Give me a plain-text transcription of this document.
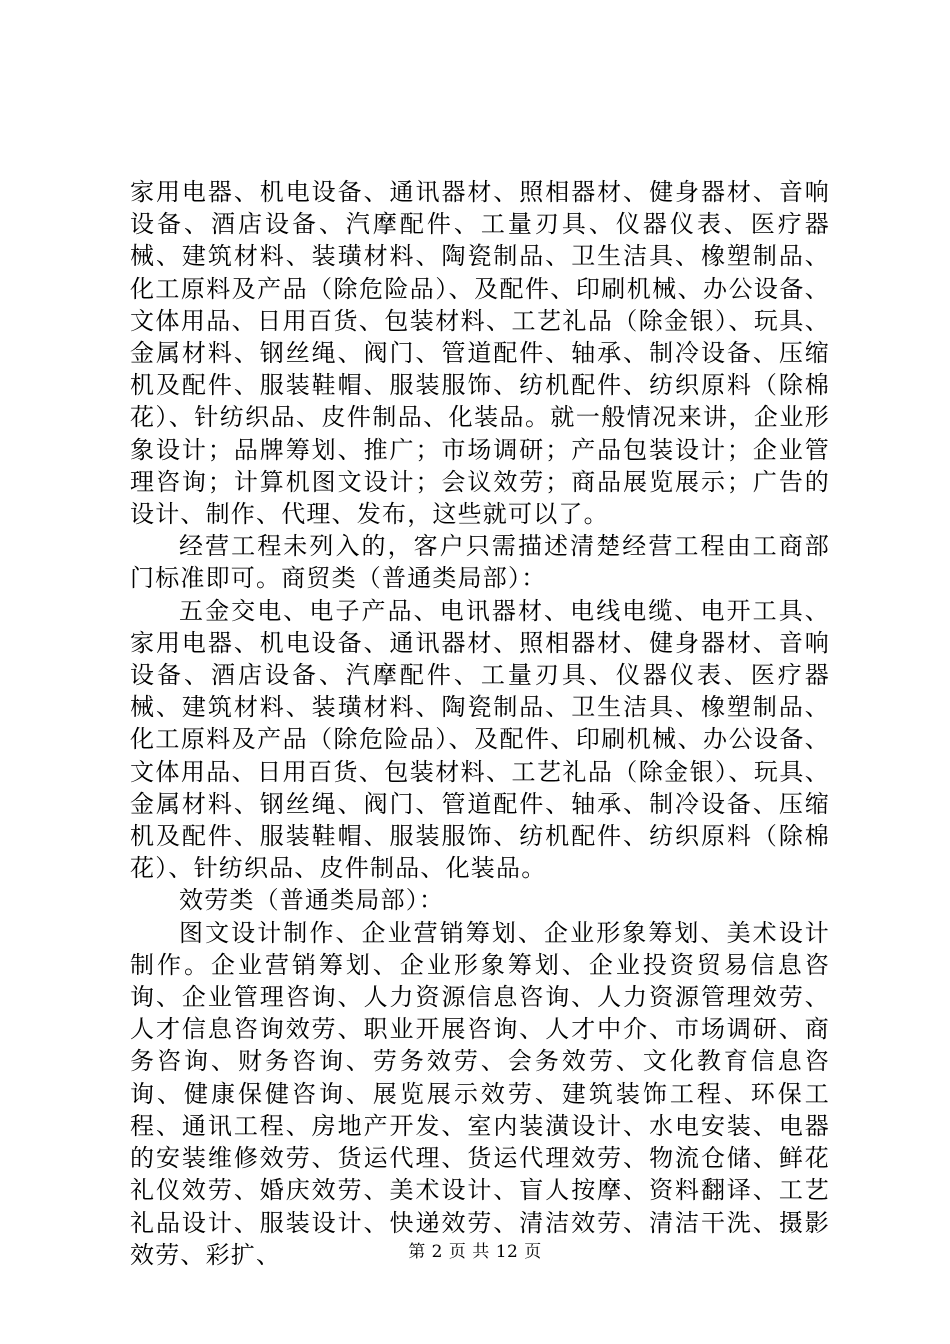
家用电器、机电设备、通讯器材、照相器材、健身器材、音响设备、酒店设备、汽摩配件、工量刃具、仪器仪表、医疗器械、建筑材料、装璜材料、陶瓷制品、卫生洁具、橡塑制品、化工原料及产品（除危险品）、及配件、印刷机械、办公设备、文体用品、日用百货、包装材料、工艺礼品（除金银）、玩具、金属材料、钢丝绳、阀门、管道配件、轴承、制冷设备、压缩机及配件、服装鞋帽、服装服饰、纺机配件、纺织原料（除棉花）、针纺织品、皮件制品、化装品。就一般情况来讲，企业形象设计；品牌筹划、推广；市场调研；产品包装设计；企业管理咨询；计算机图文设计；会议效劳；商品展览展示；广告的设计、制作、代理、发布，这些就可以了。

经营工程未列入的，客户只需描述清楚经营工程由工商部门标准即可。商贸类（普通类局部）：

五金交电、电子产品、电讯器材、电线电缆、电开工具、家用电器、机电设备、通讯器材、照相器材、健身器材、音响设备、酒店设备、汽摩配件、工量刃具、仪器仪表、医疗器械、建筑材料、装璜材料、陶瓷制品、卫生洁具、橡塑制品、化工原料及产品（除危险品）、及配件、印刷机械、办公设备、文体用品、日用百货、包装材料、工艺礼品（除金银）、玩具、金属材料、钢丝绳、阀门、管道配件、轴承、制冷设备、压缩机及配件、服装鞋帽、服装服饰、纺机配件、纺织原料（除棉花）、针纺织品、皮件制品、化装品。

效劳类（普通类局部）：

图文设计制作、企业营销筹划、企业形象筹划、美术设计制作。企业营销筹划、企业形象筹划、企业投资贸易信息咨询、企业管理咨询、人力资源信息咨询、人力资源管理效劳、人才信息咨询效劳、职业开展咨询、人才中介、市场调研、商务咨询、财务咨询、劳务效劳、会务效劳、文化教育信息咨询、健康保健咨询、展览展示效劳、建筑装饰工程、环保工程、通讯工程、房地产开发、室内装潢设计、水电安装、电器的安装维修效劳、货运代理、货运代理效劳、物流仓储、鲜花礼仪效劳、婚庆效劳、美术设计、盲人按摩、资料翻译、工艺礼品设计、服装设计、快递效劳、清洁效劳、清洁干洗、摄影效劳、彩扩、	第 2 页 共 12 页
